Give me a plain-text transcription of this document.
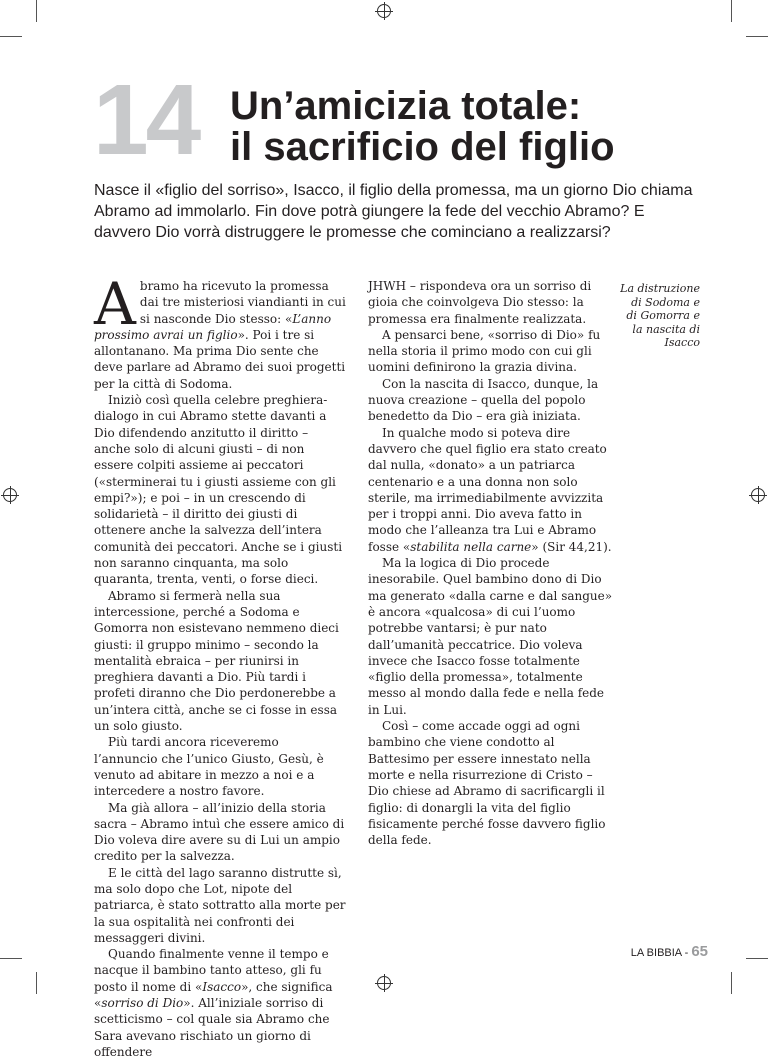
14 Un’amicizia totale:
il sacrificio del figlio

Nasce il «figlio del sorriso», Isacco, il figlio della promessa, ma un giorno Dio chiama Abramo ad immolarlo. Fin dove potrà giungere la fede del vecchio Abramo? E davvero Dio vorrà distruggere le promesse che cominciano a realizzarsi?

Abramo ha ricevuto la promessa dai tre misteriosi viandianti in cui si nasconde Dio stesso: «L’anno prossimo avrai un figlio». Poi i tre si allontanano. Ma prima Dio sente che deve parlare ad Abramo dei suoi progetti per la città di Sodoma.

Iniziò così quella celebre preghiera-dialogo in cui Abramo stette davanti a Dio difendendo anzitutto il diritto – anche solo di alcuni giusti – di non essere colpiti assieme ai peccatori («sterminerai tu i giusti assieme con gli empi?»); e poi – in un crescendo di solidarietà – il diritto dei giusti di ottenere anche la salvezza dell’intera comunità dei peccatori. Anche se i giusti non saranno cinquanta, ma solo quaranta, trenta, venti, o forse dieci.

Abramo si fermerà nella sua intercessione, perché a Sodoma e Gomorra non esistevano nemmeno dieci giusti: il gruppo minimo – secondo la mentalità ebraica – per riunirsi in preghiera davanti a Dio. Più tardi i profeti diranno che Dio perdonerebbe a un’intera città, anche se ci fosse in essa un solo giusto.

Più tardi ancora riceveremo l’annuncio che l’unico Giusto, Gesù, è venuto ad abitare in mezzo a noi e a intercedere a nostro favore.

Ma già allora – all’inizio della storia sacra – Abramo intuì che essere amico di Dio voleva dire avere su di Lui un ampio credito per la salvezza.

E le città del lago saranno distrutte sì, ma solo dopo che Lot, nipote del patriarca, è stato sottratto alla morte per la sua ospitalità nei confronti dei messaggeri divini.

Quando finalmente venne il tempo e nacque il bambino tanto atteso, gli fu posto il nome di «Isacco», che significa «sorriso di Dio». All’iniziale sorriso di scetticismo – col quale sia Abramo che Sara avevano rischiato un giorno di offendere

JHWH – rispondeva ora un sorriso di gioia che coinvolgeva Dio stesso: la promessa era finalmente realizzata.

A pensarci bene, «sorriso di Dio» fu nella storia il primo modo con cui gli uomini definirono la grazia divina.

Con la nascita di Isacco, dunque, la nuova creazione – quella del popolo benedetto da Dio – era già iniziata.

In qualche modo si poteva dire davvero che quel figlio era stato creato dal nulla, «donato» a un patriarca centenario e a una donna non solo sterile, ma irrimediabilmente avvizzita per i troppi anni. Dio aveva fatto in modo che l’alleanza tra Lui e Abramo fosse «stabilita nella carne» (Sir 44,21).

Ma la logica di Dio procede inesorabile. Quel bambino dono di Dio ma generato «dalla carne e dal sangue» è ancora «qualcosa» di cui l’uomo potrebbe vantarsi; è pur nato dall’umanità peccatrice. Dio voleva invece che Isacco fosse totalmente «figlio della promessa», totalmente messo al mondo dalla fede e nella fede in Lui.

Così – come accade oggi ad ogni bambino che viene condotto al Battesimo per essere innestato nella morte e nella risurrezione di Cristo – Dio chiese ad Abramo di sacrificargli il figlio: di donargli la vita del figlio fisicamente perché fosse davvero figlio della fede.

La distruzione di Sodoma e di Gomorra e la nascita di Isacco

LA BIBBIA - 65
